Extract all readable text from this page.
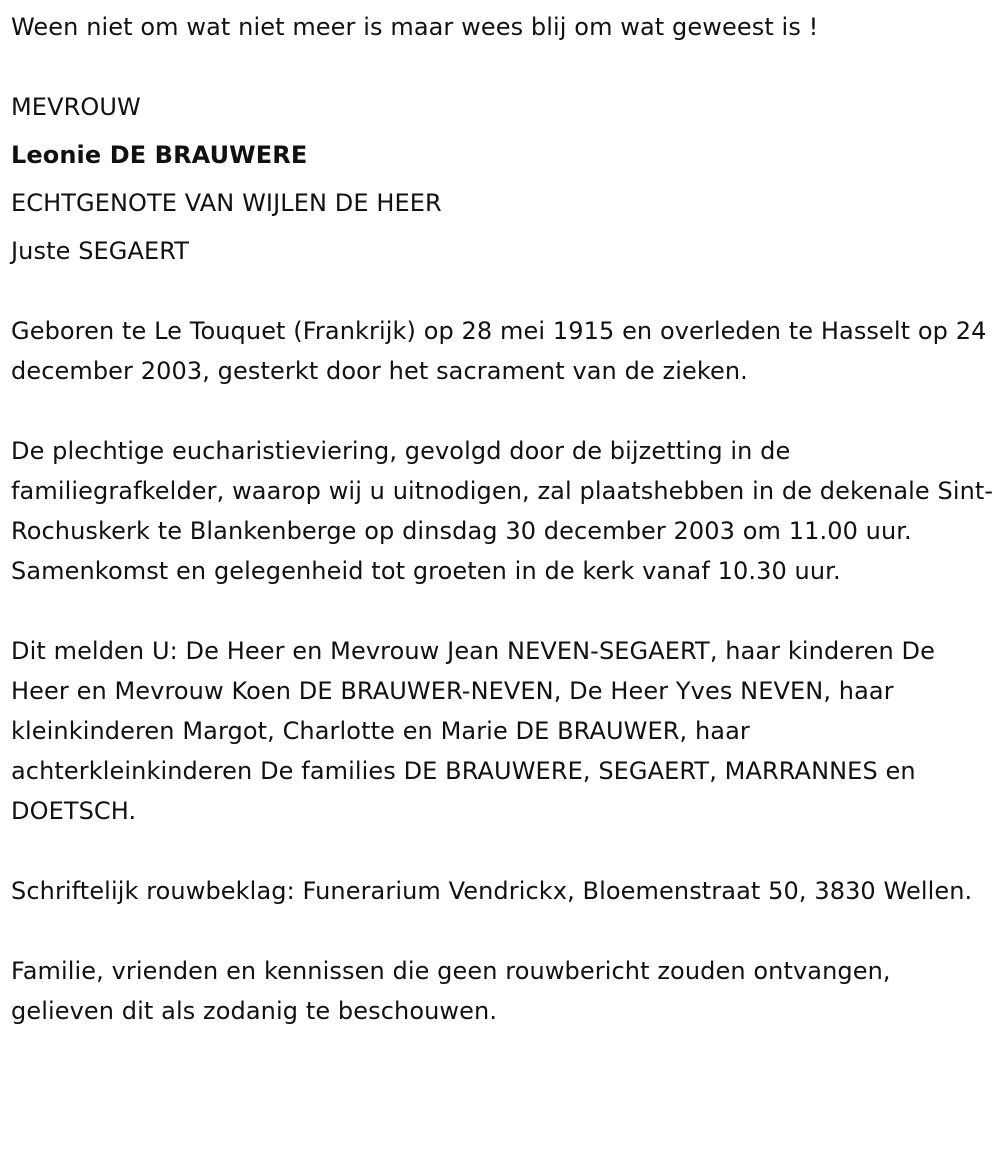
Ween niet om wat niet meer is maar wees blij om wat geweest is !

MEVROUW

Leonie DE BRAUWERE

ECHTGENOTE VAN WIJLEN DE HEER

Juste SEGAERT

Geboren te Le Touquet (Frankrijk) op 28 mei 1915 en overleden te Hasselt op 24 december 2003, gesterkt door het sacrament van de zieken.

De plechtige eucharistieviering, gevolgd door de bijzetting in de familiegrafkelder, waarop wij u uitnodigen, zal plaatshebben in de dekenale Sint-Rochuskerk te Blankenberge op dinsdag 30 december 2003 om 11.00 uur. Samenkomst en gelegenheid tot groeten in de kerk vanaf 10.30 uur.

Dit melden U: De Heer en Mevrouw Jean NEVEN-SEGAERT, haar kinderen De Heer en Mevrouw Koen DE BRAUWER-NEVEN, De Heer Yves NEVEN, haar kleinkinderen Margot, Charlotte en Marie DE BRAUWER, haar achterkleinkinderen De families DE BRAUWERE, SEGAERT, MARRANNES en DOETSCH.

Schriftelijk rouwbeklag: Funerarium Vendrickx, Bloemenstraat 50, 3830 Wellen.

Familie, vrienden en kennissen die geen rouwbericht zouden ontvangen, gelieven dit als zodanig te beschouwen.
